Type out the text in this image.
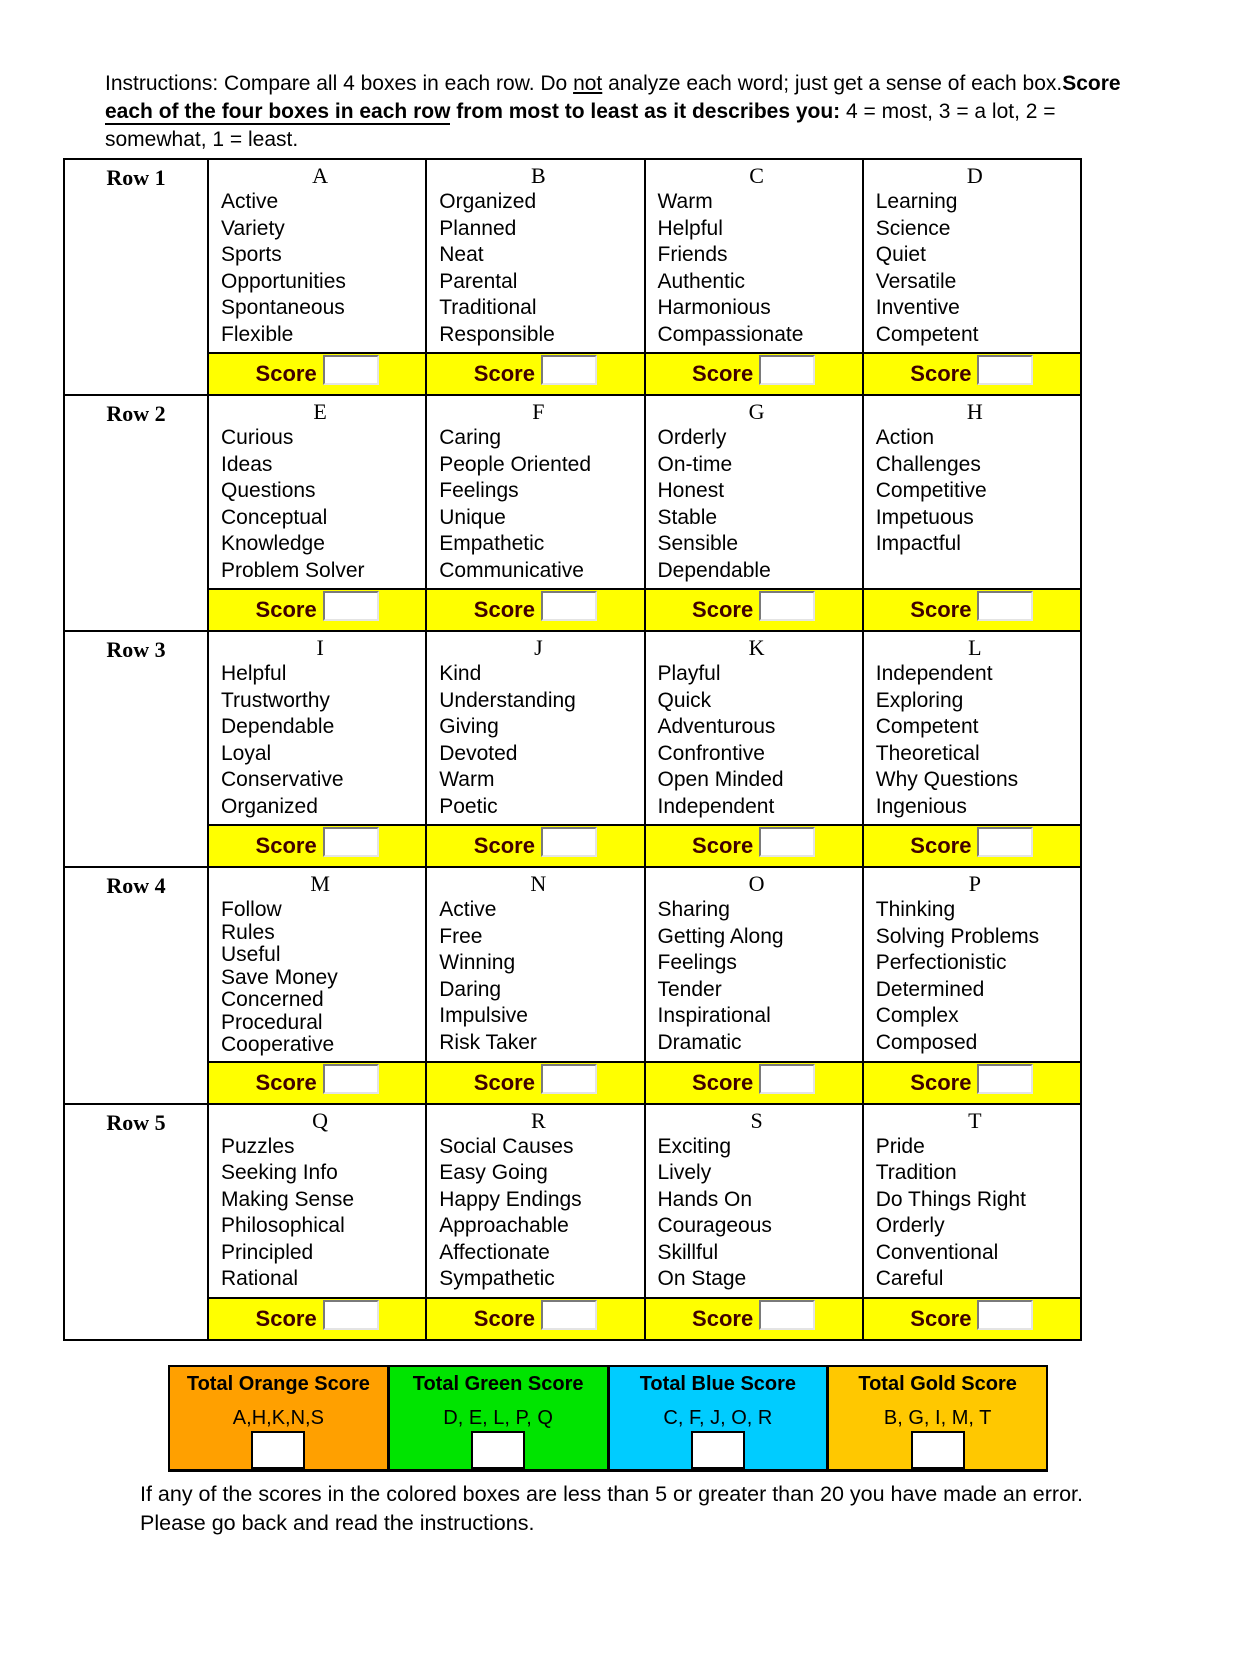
Instructions: Compare all 4 boxes in each row. Do not analyze each word; just get a sense of each box.Score each of the four boxes in each row from most to least as it describes you: 4 = most, 3 = a lot, 2 = somewhat, 1 = least.

Row 1	A
Active
Variety
Sports
Opportunities
Spontaneous
Flexible
Score
B
Organized
Planned
Neat
Parental
Traditional
Responsible
Score
C
Warm
Helpful
Friends
Authentic
Harmonious
Compassionate
Score
D
Learning
Science
Quiet
Versatile
Inventive
Competent
Score
Row 2	E
Curious
Ideas
Questions
Conceptual
Knowledge
Problem Solver
Score
F
Caring
People Oriented
Feelings
Unique
Empathetic
Communicative
Score
G
Orderly
On-time
Honest
Stable
Sensible
Dependable
Score
H
Action
Challenges
Competitive
Impetuous
Impactful
Score
Row 3	I
Helpful
Trustworthy
Dependable
Loyal
Conservative
Organized
Score
J
Kind
Understanding
Giving
Devoted
Warm
Poetic
Score
K
Playful
Quick
Adventurous
Confrontive
Open Minded
Independent
Score
L
Independent
Exploring
Competent
Theoretical
Why Questions
Ingenious
Score
Row 4	M
Follow
Rules
Useful
Save Money
Concerned
Procedural
Cooperative
Score
N
Active
Free
Winning
Daring
Impulsive
Risk Taker
Score
O
Sharing
Getting Along
Feelings
Tender
Inspirational
Dramatic
Score
P
Thinking
Solving Problems
Perfectionistic
Determined
Complex
Composed
Score
Row 5	Q
Puzzles
Seeking Info
Making Sense
Philosophical
Principled
Rational
Score
R
Social Causes
Easy Going
Happy Endings
Approachable
Affectionate
Sympathetic
Score
S
Exciting
Lively
Hands On
Courageous
Skillful
On Stage
Score
T
Pride
Tradition
Do Things Right
Orderly
Conventional
Careful
Score
Total Orange Score
A,H,K,N,S
Total Green Score
D, E, L, P, Q
Total Blue Score
C, F, J, O, R
Total Gold Score
B, G, I, M, T

If any of the scores in the colored boxes are less than 5 or greater than 20 you have made an error.  Please go back and read the instructions.
